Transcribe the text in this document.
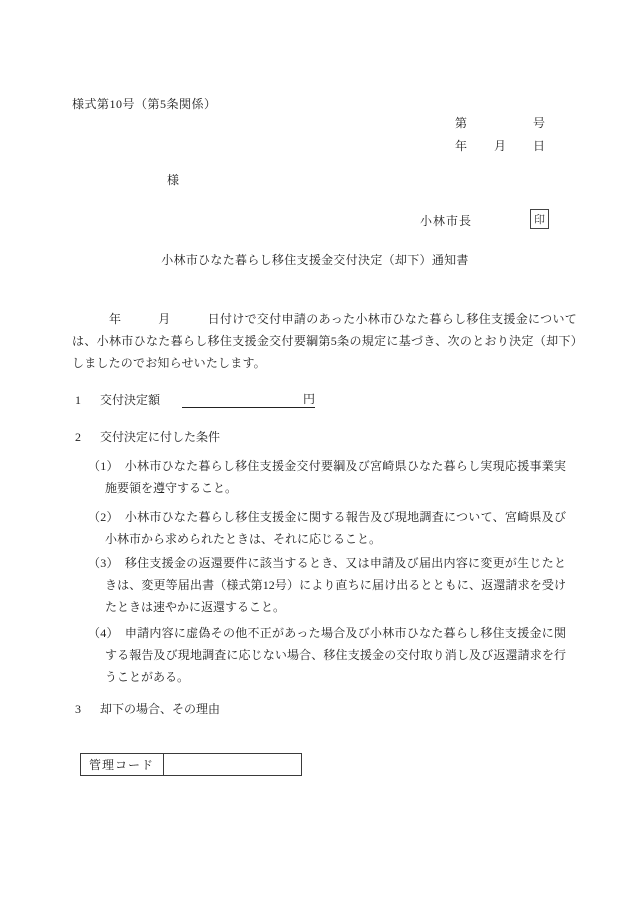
様式第10号（第5条関係）
第	号
年 月 日
様
小林市長	印
小林市ひなた暮らし移住支援金交付決定（却下）通知書

　　　年　　　月　　　日付けで交付申請のあった小林市ひなた暮らし移住支援金については、小林市ひなた暮らし移住支援金交付要綱第5条の規定に基づき、次のとおり決定（却下）しましたのでお知らせいたします。

1 交付決定額	円
2 交付決定に付した条件
（1） 小林市ひなた暮らし移住支援金交付要綱及び宮崎県ひなた暮らし実現応援事業実施要領を遵守すること。
（2） 小林市ひなた暮らし移住支援金に関する報告及び現地調査について、宮崎県及び小林市から求められたときは、それに応じること。
（3） 移住支援金の返還要件に該当するとき、又は申請及び届出内容に変更が生じたときは、変更等届出書（様式第12号）により直ちに届け出るとともに、返還請求を受けたときは速やかに返還すること。
（4） 申請内容に虚偽その他不正があった場合及び小林市ひなた暮らし移住支援金に関する報告及び現地調査に応じない場合、移住支援金の交付取り消し及び返還請求を行うことがある。
3 却下の場合、その理由
管理コード	
